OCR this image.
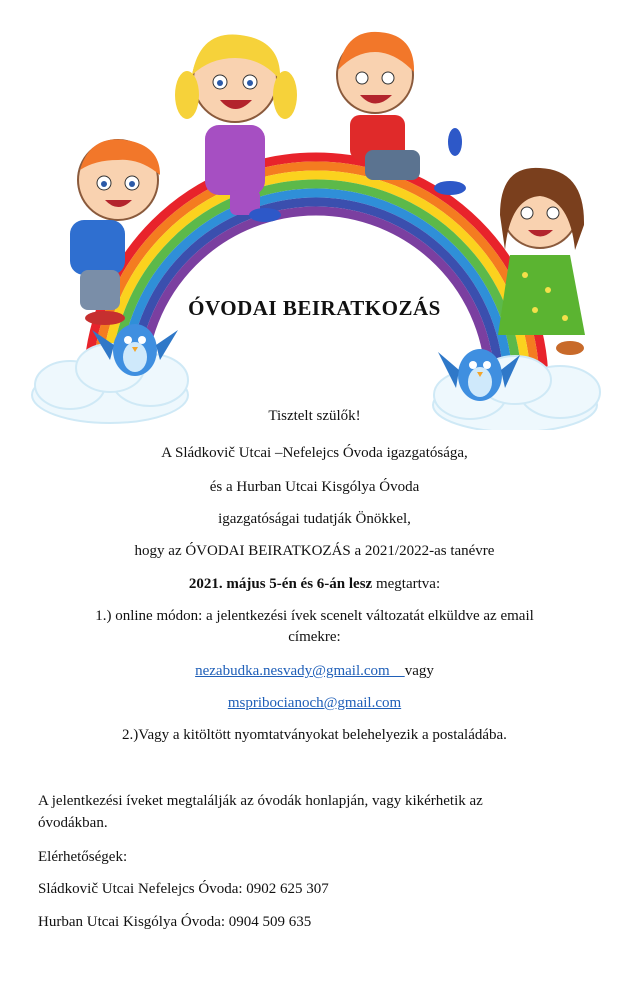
ÓVODAI BEIRATKOZÁS
Tisztelt szülők!
A Sládkovič Utcai –Nefelejcs Óvoda igazgatósága,
és a Hurban Utcai Kisgólya Óvoda
igazgatóságai tudatják Önökkel,
hogy az ÓVODAI BEIRATKOZÁS a 2021/2022-as tanévre
2021. május 5-én és 6-án lesz megtartva:
1.) online módon: a jelentkezési ívek scenelt változatát elküldve az email
címekre:
nezabudka.nesvady@gmail.com    vagy
mspribocianoch@gmail.com
2.)Vagy a kitöltött nyomtatványokat belehelyezik a postaládába.
A jelentkezési íveket megtalálják az óvodák honlapján, vagy kikérhetik az
óvodákban.
Elérhetőségek:
Sládkovič Utcai Nefelejcs Óvoda: 0902 625 307
Hurban Utcai Kisgólya Óvoda: 0904 509 635
